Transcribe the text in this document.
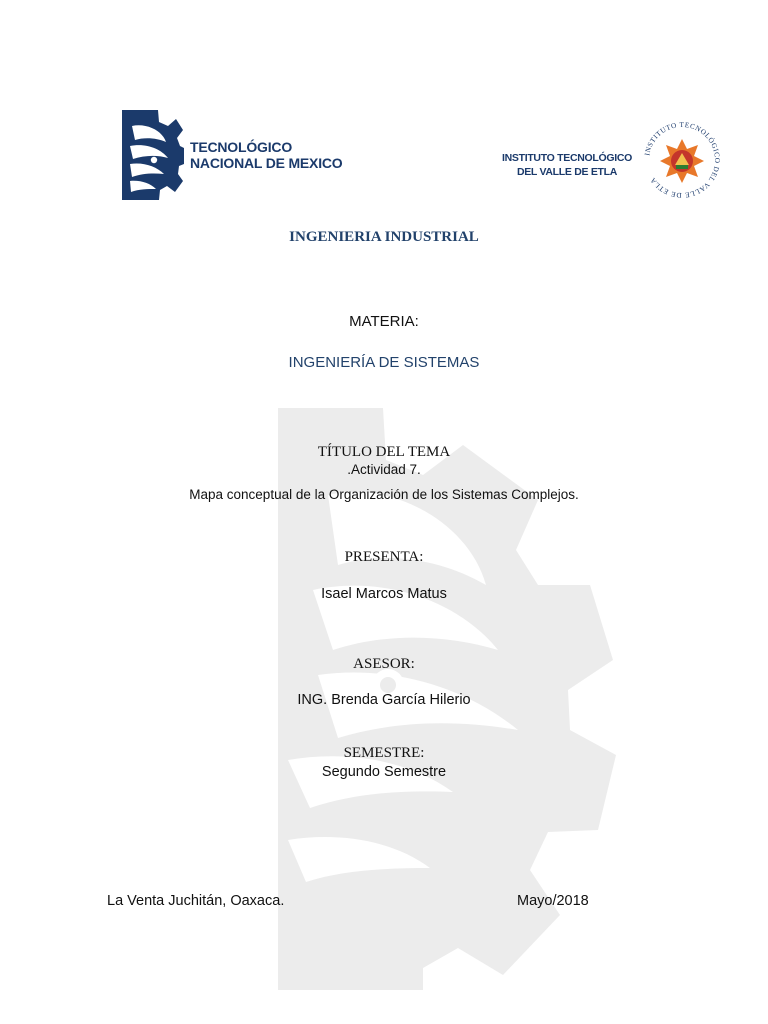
TECNOLÓGICO
NACIONAL DE MEXICO	INSTITUTO TECNOLÓGICO
DEL VALLE DE ETLA
INSTITUTO TECNOLÓGICO DEL VALLE DE ETLA
INGENIERIA INDUSTRIAL
MATERIA:
INGENIERÍA DE SISTEMAS
TÍTULO DEL TEMA
.Actividad 7.
Mapa conceptual de la Organización de los Sistemas Complejos.
PRESENTA:
Isael Marcos Matus
ASESOR:
ING. Brenda García Hilerio
SEMESTRE:
Segundo Semestre
La Venta Juchitán, Oaxaca.	Mayo/2018
